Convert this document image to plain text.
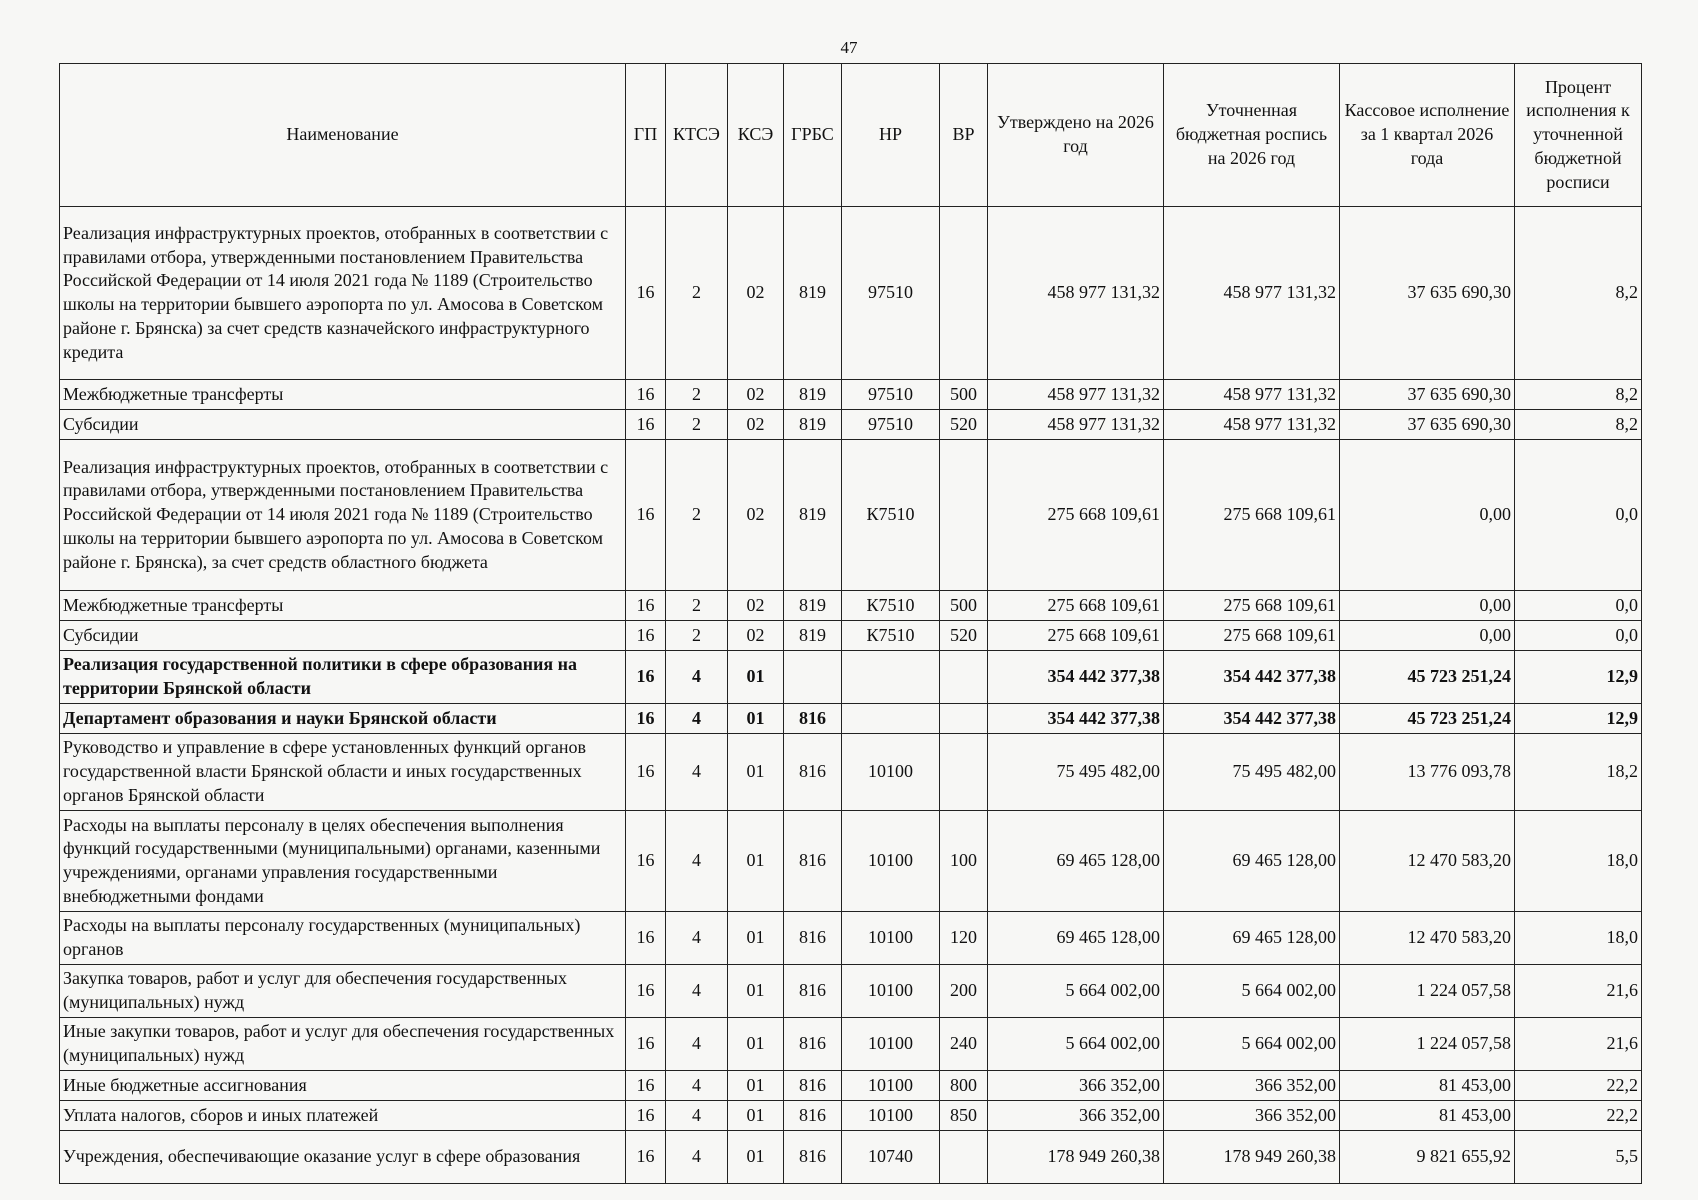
47
Наименование	ГП	КТСЭ	КСЭ	ГРБС	НР	ВР	Утверждено на 2026 год	Уточненная бюджетная роспись на 2026 год	Кассовое исполнение за 1 квартал 2026 года	Процент исполнения к уточненной бюджетной росписи
Реализация инфраструктурных проектов, отобранных в соответствии с правилами отбора, утвержденными постановлением Правительства Российской Федерации от 14 июля 2021 года № 1189 (Строительство школы на территории бывшего аэропорта по ул. Амосова в Советском районе г. Брянска) за счет средств казначейского инфраструктурного кредита	16	2	02	819	97510		458 977 131,32	458 977 131,32	37 635 690,30	8,2
Межбюджетные трансферты	16	2	02	819	97510	500	458 977 131,32	458 977 131,32	37 635 690,30	8,2
Субсидии	16	2	02	819	97510	520	458 977 131,32	458 977 131,32	37 635 690,30	8,2
Реализация инфраструктурных проектов, отобранных в соответствии с правилами отбора, утвержденными постановлением Правительства Российской Федерации от 14 июля 2021 года № 1189 (Строительство школы на территории бывшего аэропорта по ул. Амосова в Советском районе г. Брянска), за счет средств областного бюджета	16	2	02	819	К7510		275 668 109,61	275 668 109,61	0,00	0,0
Межбюджетные трансферты	16	2	02	819	К7510	500	275 668 109,61	275 668 109,61	0,00	0,0
Субсидии	16	2	02	819	К7510	520	275 668 109,61	275 668 109,61	0,00	0,0
Реализация государственной политики в сфере образования на территории Брянской области	16	4	01				354 442 377,38	354 442 377,38	45 723 251,24	12,9
Департамент образования и науки Брянской области	16	4	01	816			354 442 377,38	354 442 377,38	45 723 251,24	12,9
Руководство и управление в сфере установленных функций органов государственной власти Брянской области и иных государственных органов Брянской области	16	4	01	816	10100		75 495 482,00	75 495 482,00	13 776 093,78	18,2
Расходы на выплаты персоналу в целях обеспечения выполнения функций государственными (муниципальными) органами, казенными учреждениями, органами управления государственными внебюджетными фондами	16	4	01	816	10100	100	69 465 128,00	69 465 128,00	12 470 583,20	18,0
Расходы на выплаты персоналу государственных (муниципальных) органов	16	4	01	816	10100	120	69 465 128,00	69 465 128,00	12 470 583,20	18,0
Закупка товаров, работ и услуг для обеспечения государственных (муниципальных) нужд	16	4	01	816	10100	200	5 664 002,00	5 664 002,00	1 224 057,58	21,6
Иные закупки товаров, работ и услуг для обеспечения государственных (муниципальных) нужд	16	4	01	816	10100	240	5 664 002,00	5 664 002,00	1 224 057,58	21,6
Иные бюджетные ассигнования	16	4	01	816	10100	800	366 352,00	366 352,00	81 453,00	22,2
Уплата налогов, сборов и иных платежей	16	4	01	816	10100	850	366 352,00	366 352,00	81 453,00	22,2
Учреждения, обеспечивающие оказание услуг в сфере образования	16	4	01	816	10740		178 949 260,38	178 949 260,38	9 821 655,92	5,5
